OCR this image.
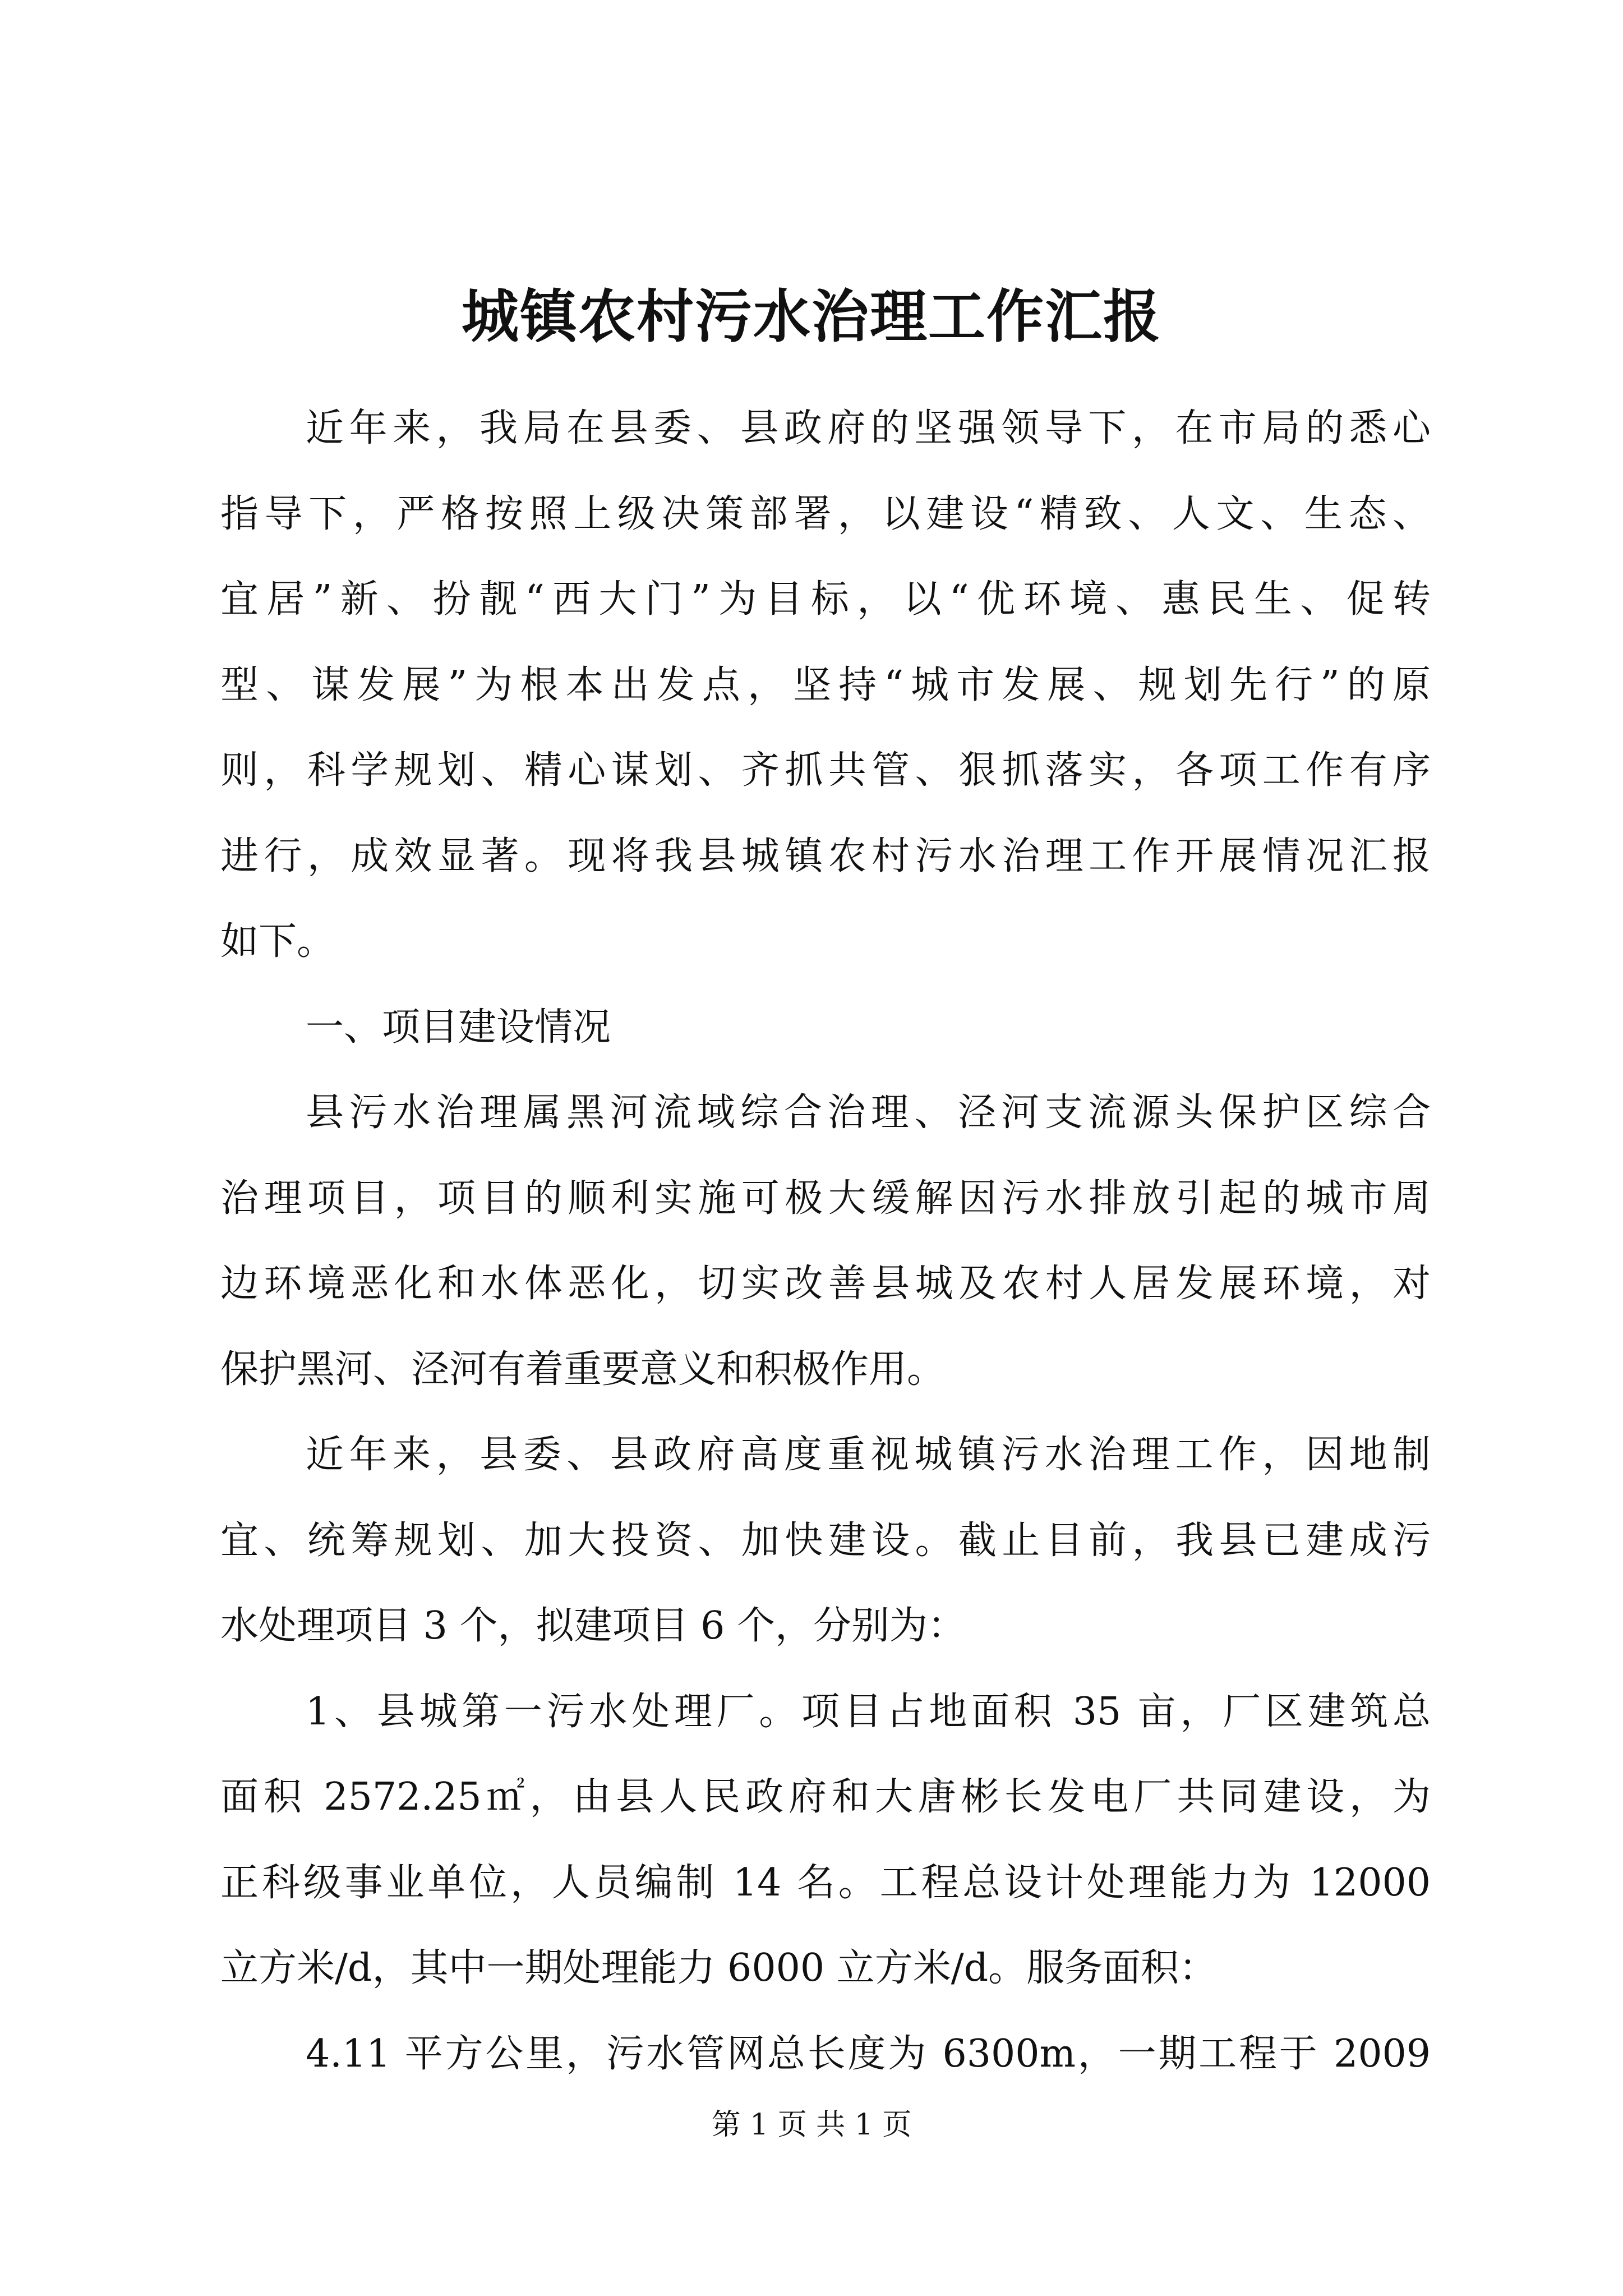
城镇农村污水治理工作汇报
近年来，我局在县委、县政府的坚强领导下，在市局的悉心
指导下，严格按照上级决策部署，以建设“精致、人文、生态、
宜居”新、扮靓“西大门”为目标，以“优环境、惠民生、促转
型、谋发展”为根本出发点，坚持“城市发展、规划先行”的原
则，科学规划、精心谋划、齐抓共管、狠抓落实，各项工作有序
进行，成效显著。现将我县城镇农村污水治理工作开展情况汇报
如下。
一、项目建设情况
县污水治理属黑河流域综合治理、泾河支流源头保护区综合
治理项目，项目的顺利实施可极大缓解因污水排放引起的城市周
边环境恶化和水体恶化，切实改善县城及农村人居发展环境，对
保护黑河、泾河有着重要意义和积极作用。
近年来，县委、县政府高度重视城镇污水治理工作，因地制
宜、统筹规划、加大投资、加快建设。截止目前，我县已建成污
水处理项目 3 个，拟建项目 6 个，分别为：
1、县城第一污水处理厂。项目占地面积 35 亩，厂区建筑总
面积 2572.25㎡，由县人民政府和大唐彬长发电厂共同建设，为
正科级事业单位，人员编制 14 名。工程总设计处理能力为 12000
立方米/d，其中一期处理能力 6000 立方米/d。服务面积：
4.11 平方公里，污水管网总长度为 6300m，一期工程于 2009
第 1 页 共 1 页
